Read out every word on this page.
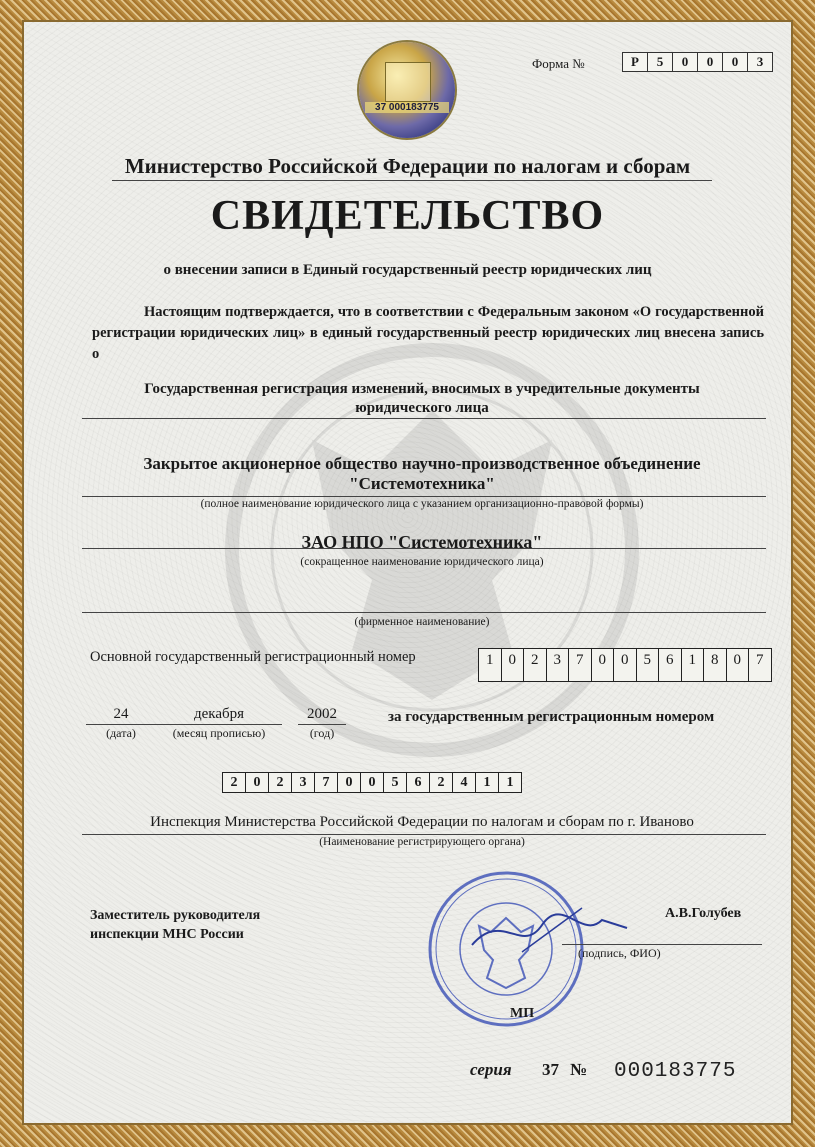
37 000183775
Форма №	Р	5	0	0	0	3
Министерство Российской Федерации по налогам и сборам
СВИДЕТЕЛЬСТВО
о внесении записи в Единый государственный реестр юридических лиц
Настоящим подтверждается, что в соответствии с Федеральным законом «О государственной регистрации юридических лиц» в единый государственный реестр юридических лиц внесена запись о
Государственная регистрация изменений, вносимых в учредительные документы
юридического лица
Закрытое акционерное общество научно-производственное объединение
"Системотехника"
(полное наименование юридического лица с указанием организационно-правовой формы)
ЗАО НПО "Системотехника"
(сокращенное наименование юридического лица)
(фирменное наименование)
Основной государственный регистрационный номер	1	0	2	3	7	0	0	5	6	1	8	0	7
24
(дата)
декабря
(месяц прописью)
2002
(год)
за государственным регистрационным номером
2	0	2	3	7	0	0	5	6	2	4	1	1
Инспекция Министерства Российской Федерации по налогам и сборам по г. Иваново
(Наименование регистрирующего органа)
Заместитель руководителя
инспекции МНС России
А.В.Голубев
(подпись, ФИО)
МП
серия 37 № 000183775
